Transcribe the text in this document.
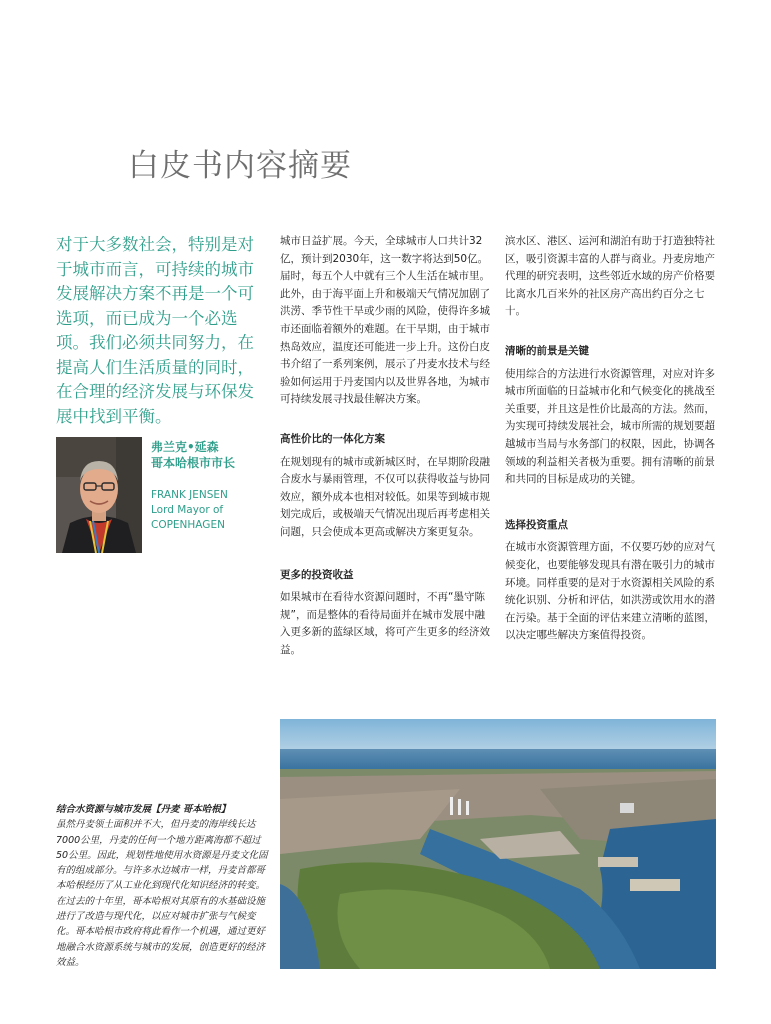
白皮书内容摘要

对于大多数社会，特别是对于城市而言，可持续的城市发展解决方案不再是一个可选项，而已成为一个必选项。我们必须共同努力，在提高人们生活质量的同时，在合理的经济发展与环保发展中找到平衡。

弗兰克•延森
哥本哈根市市长
FRANK JENSEN
Lord Mayor of
COPENHAGEN

城市日益扩展。今天，全球城市人口共计32亿，预计到2030年，这一数字将达到50亿。届时，每五个人中就有三个人生活在城市里。此外，由于海平面上升和极端天气情况加剧了洪涝、季节性干旱或少雨的风险，使得许多城市还面临着额外的难题。在干旱期，由于城市热岛效应，温度还可能进一步上升。这份白皮书介绍了一系列案例，展示了丹麦水技术与经验如何运用于丹麦国内以及世界各地，为城市可持续发展寻找最佳解决方案。

高性价比的一体化方案

在规划现有的城市或新城区时，在早期阶段融合废水与暴雨管理，不仅可以获得收益与协同效应，额外成本也相对较低。如果等到城市规划完成后，或极端天气情况出现后再考虑相关问题，只会使成本更高或解决方案更复杂。

更多的投资收益

如果城市在看待水资源问题时，不再“墨守陈规”，而是整体的看待局面并在城市发展中融入更多新的蓝绿区域，将可产生更多的经济效益。

滨水区、港区、运河和湖泊有助于打造独特社区，吸引资源丰富的人群与商业。丹麦房地产代理的研究表明，这些邻近水域的房产价格要比离水几百米外的社区房产高出约百分之七十。

清晰的前景是关键

使用综合的方法进行水资源管理，对应对许多城市所面临的日益城市化和气候变化的挑战至关重要，并且这是性价比最高的方法。然而，为实现可持续发展社会，城市所需的规划要超越城市当局与水务部门的权限，因此，协调各领域的利益相关者极为重要。拥有清晰的前景和共同的目标是成功的关键。

选择投资重点

在城市水资源管理方面，不仅要巧妙的应对气候变化，也要能够发现具有潜在吸引力的城市环境。同样重要的是对于水资源相关风险的系统化识别、分析和评估，如洪涝或饮用水的潜在污染。基于全面的评估来建立清晰的蓝图，以决定哪些解决方案值得投资。

结合水资源与城市发展【丹麦 哥本哈根】
虽然丹麦领土面积并不大，但丹麦的海岸线长达7000公里，丹麦的任何一个地方距离海都不超过50公里。因此，规划性地使用水资源是丹麦文化固有的组成部分。与许多水边城市一样，丹麦首都哥本哈根经历了从工业化到现代化知识经济的转变。在过去的十年里，哥本哈根对其原有的水基础设施进行了改造与现代化，以应对城市扩张与气候变化。哥本哈根市政府将此看作一个机遇，通过更好地融合水资源系统与城市的发展，创造更好的经济效益。
